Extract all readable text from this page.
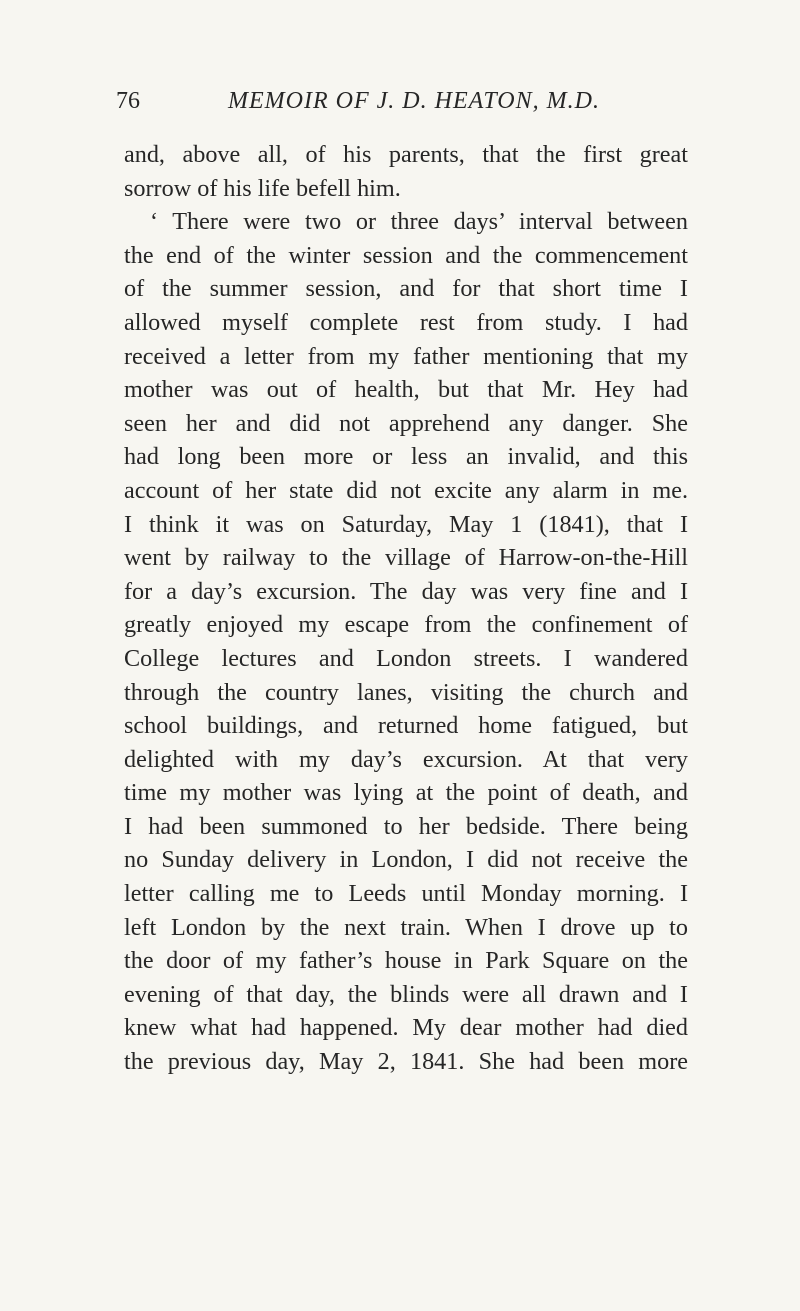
76	MEMOIR OF J. D. HEATON, M.D.
and, above all, of his parents, that the first great
sorrow of his life befell him.
‘ There were two or three days’ interval between
the end of the winter session and the commencement
of the summer session, and for that short time I
allowed myself complete rest from study. I had
received a letter from my father mentioning that my
mother was out of health, but that Mr. Hey had
seen her and did not apprehend any danger. She
had long been more or less an invalid, and this
account of her state did not excite any alarm in me.
I think it was on Saturday, May 1 (1841), that I
went by railway to the village of Harrow-on-the-Hill
for a day’s excursion. The day was very fine and I
greatly enjoyed my escape from the confinement of
College lectures and London streets. I wandered
through the country lanes, visiting the church and
school buildings, and returned home fatigued, but
delighted with my day’s excursion. At that very
time my mother was lying at the point of death, and
I had been summoned to her bedside. There being
no Sunday delivery in London, I did not receive the
letter calling me to Leeds until Monday morning. I
left London by the next train. When I drove up to
the door of my father’s house in Park Square on the
evening of that day, the blinds were all drawn and I
knew what had happened. My dear mother had died
the previous day, May 2, 1841. She had been more
